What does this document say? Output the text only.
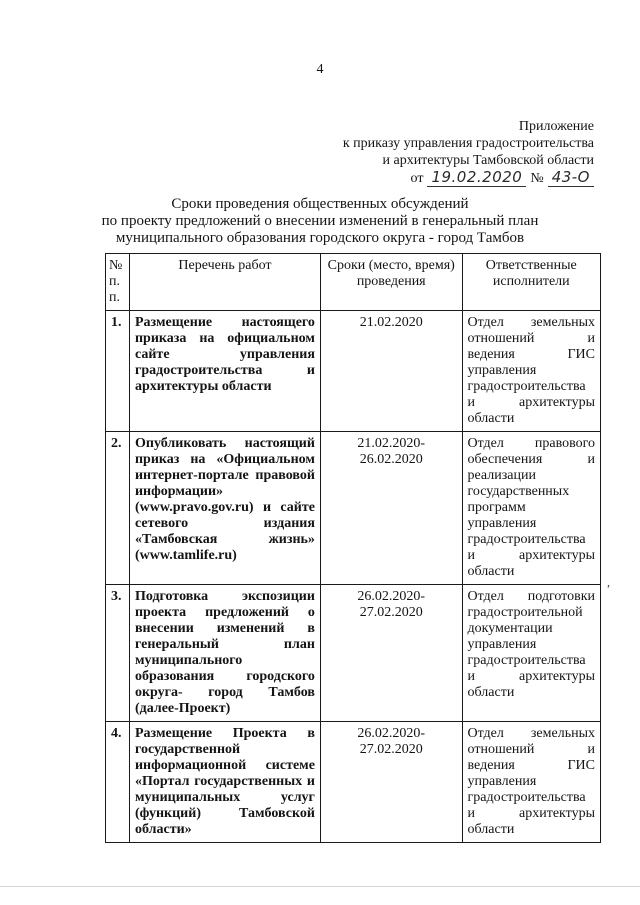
4
Приложение
к приказу управления градостроительства
и архитектуры Тамбовской области
от 19.02.2020 № 43-О
Сроки проведения общественных обсуждений
по проекту предложений о внесении изменений в генеральный план
муниципального образования городского округа - город Тамбов
№ п. п.	Перечень работ	Сроки (место, время) проведения	Ответственные исполнители
1.	Размещение настоящего приказа на официальном сайте управления градостроительства и архитектуры области	21.02.2020	Отдел земельных отношений и ведения ГИС управления градостроительства и архитектуры области
2.	Опубликовать настоящий приказ на «Официальном интернет-портале правовой информации» (www.pravo.gov.ru) и сайте сетевого издания «Тамбовская жизнь» (www.tamlife.ru)	21.02.2020-26.02.2020	Отдел правового обеспечения и реализации государственных программ управления градостроительства и архитектуры области
3.	Подготовка экспозиции проекта предложений о внесении изменений в генеральный план муниципального образования городского округа- город Тамбов (далее-Проект)	26.02.2020-27.02.2020	Отдел подготовки градостроительной документации управления градостроительства и архитектуры области
4.	Размещение Проекта в государственной информационной системе «Портал государственных и муниципальных услуг (функций) Тамбовской области»	26.02.2020-27.02.2020	Отдел земельных отношений и ведения ГИС управления градостроительства и архитектуры области
,
